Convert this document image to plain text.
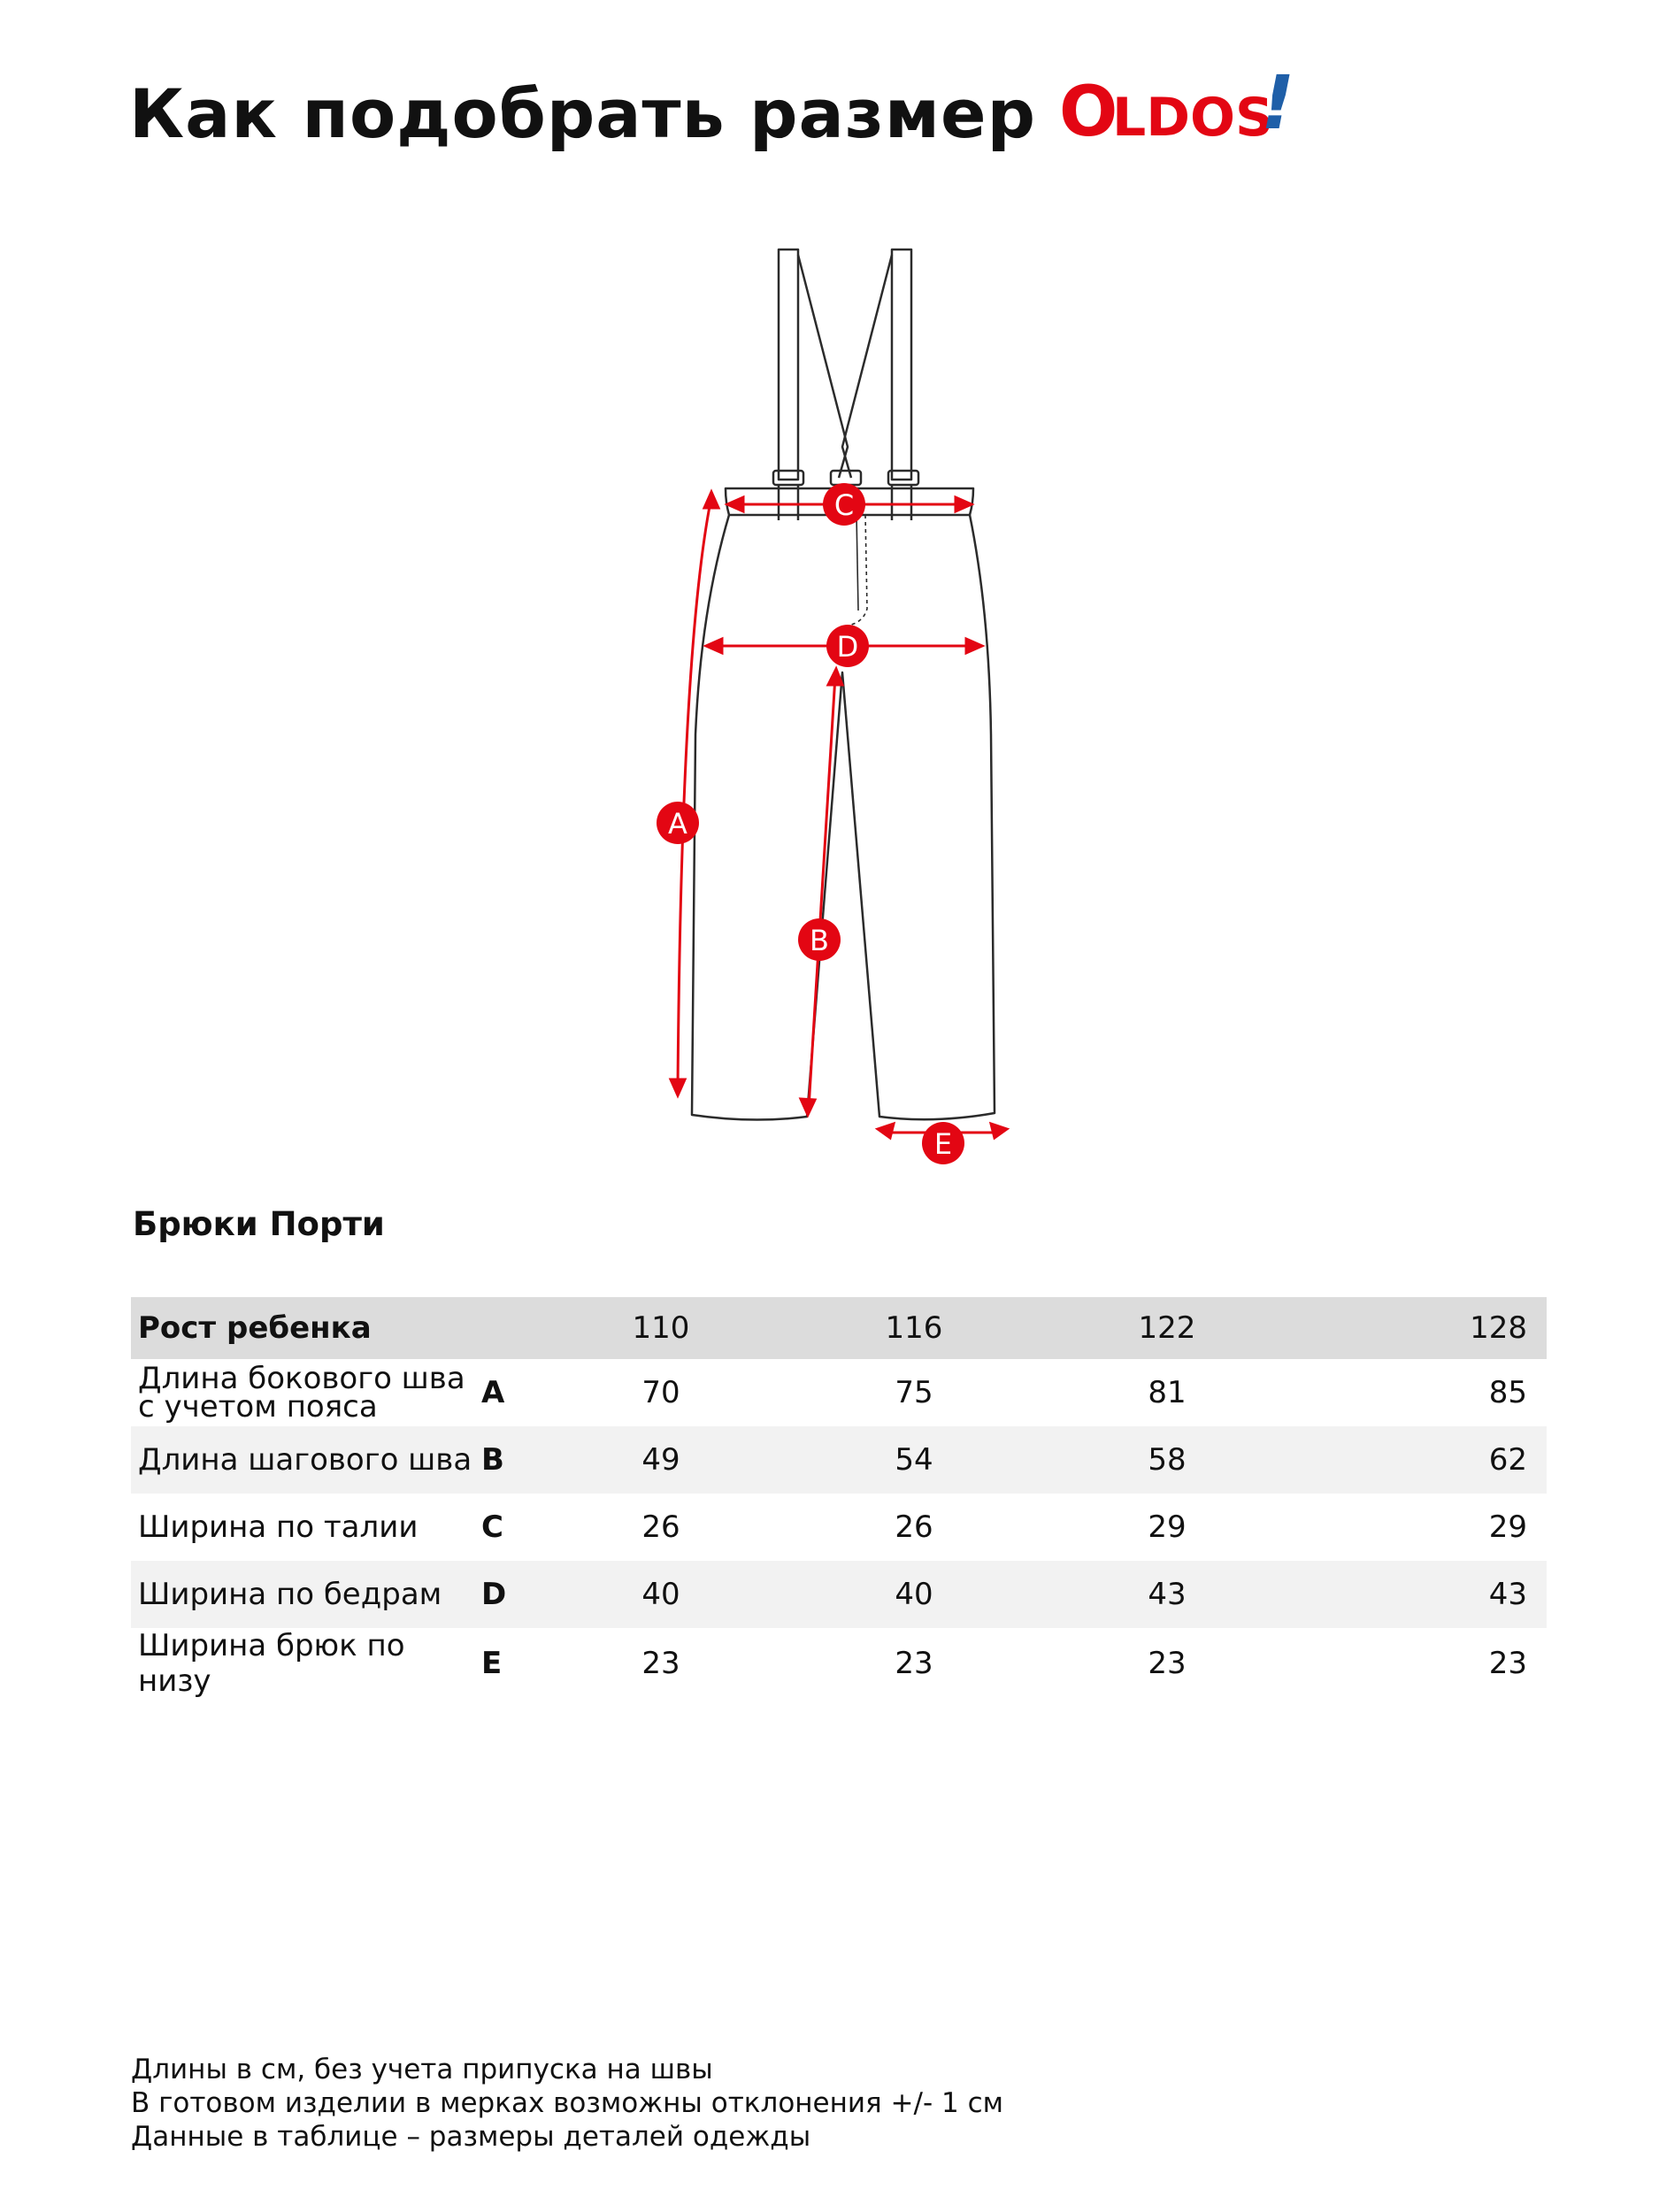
Как подобрать размер O
LDOS
!
A
B
C
D
E
Брюки Порти
Рост ребенка		110	116	122	128

Длина бокового шва
с учетом пояса	A	70	75	81	85
Длина шагового шва	B	49	54	58	62
Ширина по талии	C	26	26	29	29
Ширина по бедрам	D	40	40	43	43
Ширина брюк по низу	E	23	23	23	23
Длины в см, без учета припуска на швы
В готовом изделии в мерках возможны отклонения +/- 1 см
Данные в таблице – размеры деталей одежды
